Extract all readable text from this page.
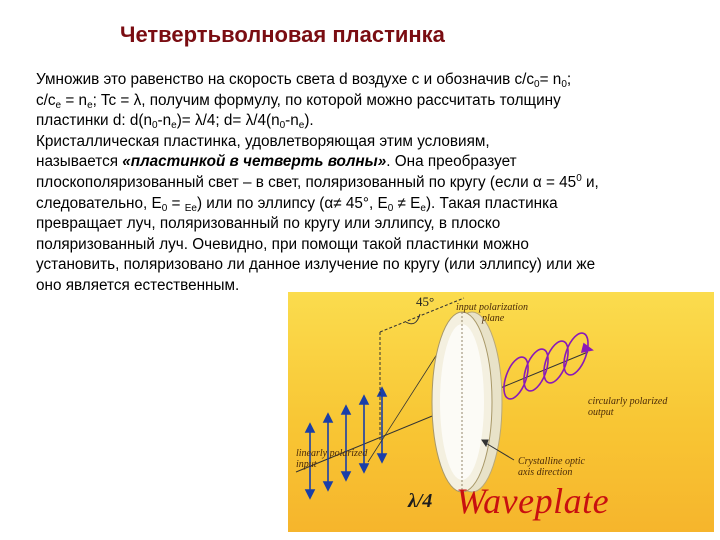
Четвертьволновая пластинка
Умножив это равенство на скорость света d воздухе с и обозначив $c/c_0= n_0$;
$c/c_e = n_e$; Tc = λ, получим формулу, по которой можно рассчитать толщину
пластинки d: $d(n_0-n_e)= \lambda/4$; $d= \lambda/4(n_0-n_e)$.
Кристаллическая пластинка, удовлетворяющая этим условиям,
называется «пластинкой в четверть волны». Она преобразует
плоскополяризованный свет – в свет, поляризованный по кругу (если $\alpha = 45^0$ и,
следовательно, $Е_0 = _{Ее}$) или по эллипсу (α≠ 45°, $Е_0 \ne Е_е$). Такая пластинка
превращает луч, поляризованный по кругу или эллипсу, в плоско
поляризованный луч. Очевидно, при помощи такой пластинки можно
установить, поляризовано ли данное излучение по кругу (или эллипсу) или же
оно является естественным.
45° input polarization
plane
circularly polarized
output
linearly polarized
input	Crystalline optic
axis direction
λ/4 Waveplate
